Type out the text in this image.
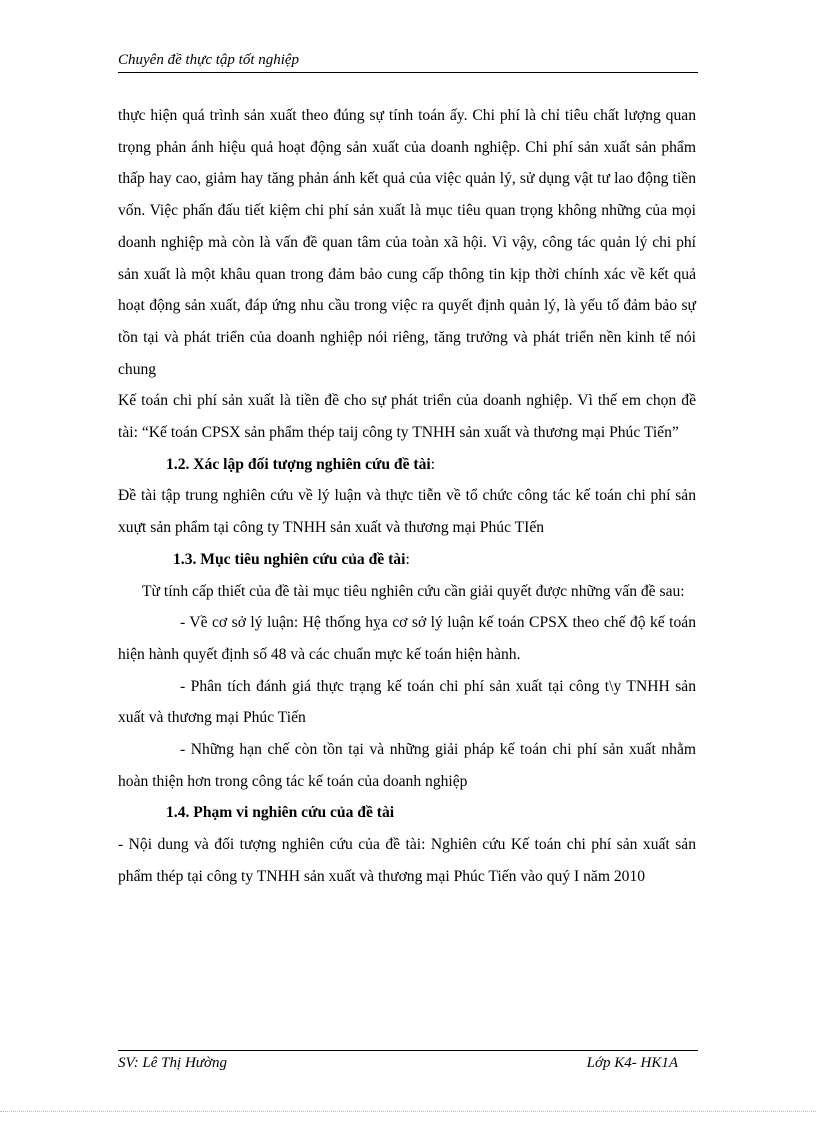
Chuyên đề thực tập tốt nghiệp

thực hiện quá trình sản xuất theo đúng sự tính toán ấy. Chi phí là chỉ tiêu chất lượng quan trọng phản ánh hiệu quả hoạt động sản xuất của doanh nghiệp. Chi phí sản xuất sản phẩm thấp hay cao, giảm hay tăng phản ánh kết quả của việc quản lý, sử dụng vật tư lao động tiền vốn. Việc phấn đấu tiết kiệm chi phí sản xuất là mục tiêu quan trọng không những của mọi doanh nghiệp mà còn là vấn đề quan tâm của toàn xã hội. Vì vậy, công tác quản lý chi phí sản xuất là một khâu quan trong đảm bảo cung cấp thông tin kịp thời chính xác về kết quả hoạt động sản xuất, đáp ứng nhu cầu trong việc ra quyết định quản lý, là yếu tố đảm bảo sự tồn tại và phát triển của doanh nghiệp nói riêng, tăng trưởng và phát triển nền kinh tế nói chung

Kế toán chi phí sản xuất là tiền đề cho sự phát triển của doanh nghiệp. Vì thế em chọn đề tài: “Kế toán CPSX sản phẩm thép taij công ty TNHH sản xuất và thương mại Phúc Tiến”

1.2. Xác lập đối tượng nghiên cứu đề tài:

Đề tài tập trung nghiên cứu về lý luận và thực tiễn về tổ chức công tác kế toán chi phí sản xuựt sản phẩm tại công ty TNHH sản xuất và thương mại Phúc TIến

1.3. Mục tiêu nghiên cứu của đề tài:

Từ tính cấp thiết của đề tài mục tiêu nghiên cứu cần giải quyết được những vấn đề sau:

- Về cơ sở lý luận: Hệ thống hỵa cơ sở lý luận kế toán CPSX theo chế độ kế toán hiện hành quyết định số 48 và các chuẩn mực kế toán hiện hành.

- Phân tích đánh giá thực trạng kế toán chi phí sản xuất tại công t\y TNHH sản xuất và thương mại Phúc Tiến

- Những hạn chế còn tồn tại và những giải pháp kế toán chi phí sản xuất nhằm hoàn thiện hơn trong công tác kế toán của doanh nghiệp

1.4. Phạm vi nghiên cứu của đề tài

- Nội dung và đối tượng nghiên cứu của đề tài: Nghiên cứu Kế toán chi phí sản xuất sản phẩm thép tại công ty TNHH sản xuất và thương mại Phúc Tiến vào quý I năm 2010

SV: Lê Thị Hường	Lớp K4- HK1A
